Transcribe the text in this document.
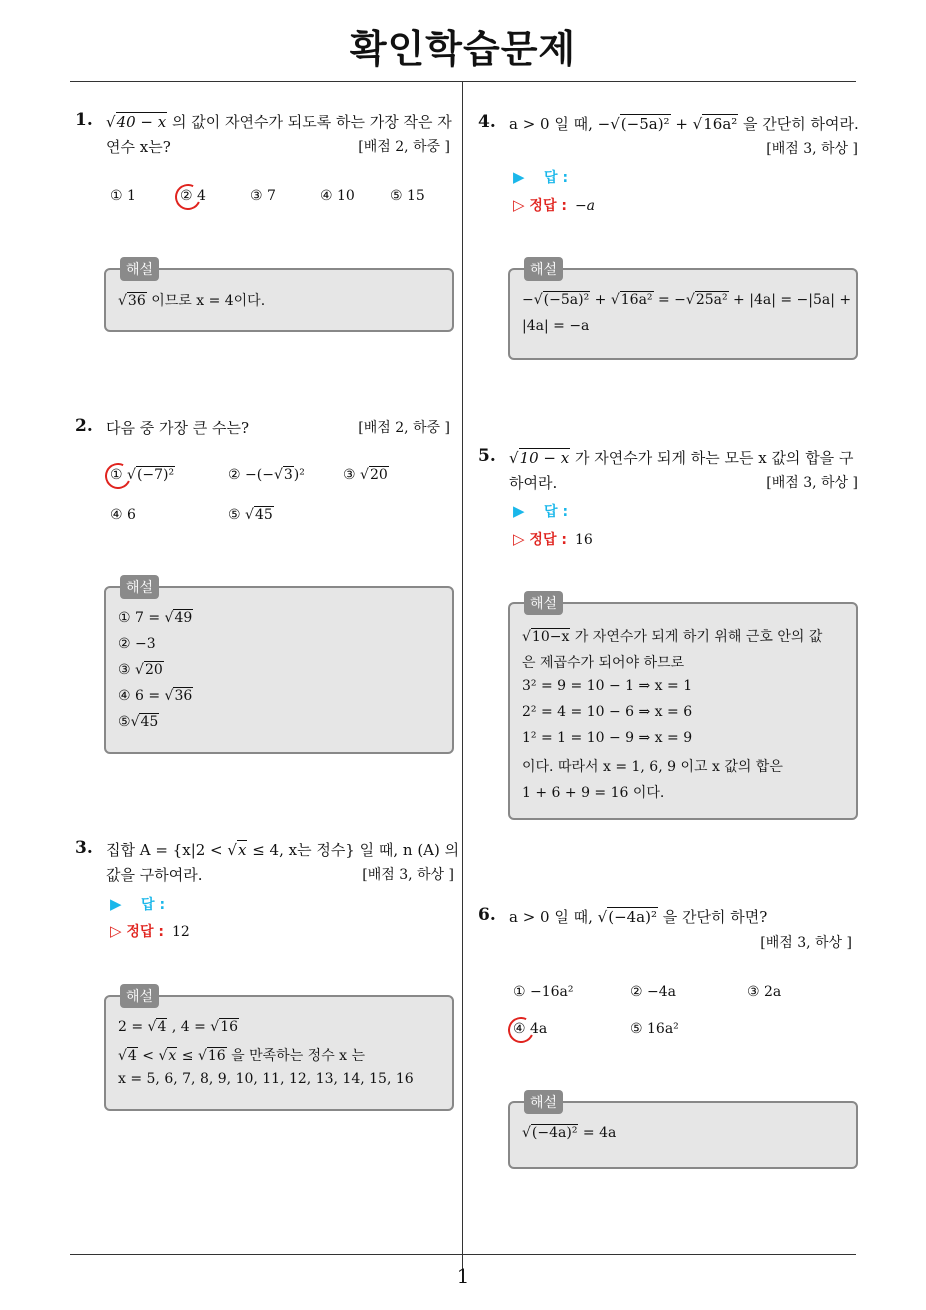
확인학습문제
1
1. √40 − x 의 값이 자연수가 되도록 하는 가장 작은 자
연수 x는?	[배점 2, 하중 ]
① 1	② 4	③ 7	④ 10	⑤ 15
해설
√36 이므로 x = 4이다.
2. 다음 중 가장 큰 수는?	[배점 2, 하중 ]
① √(−7)²	② −(−√3)²	③ √20
④ 6	⑤ √45
해설
① 7 = √49
② −3
③ √20
④ 6 = √36
⑤√45
3. 집합 A = {x|2 < √x ≤ 4, x는 정수} 일 때, n (A) 의
값을 구하여라.	[배점 3, 하상 ]
▶ 답 :
▷ 정답 : 12
해설
2 = √4 , 4 = √16
√4 < √x ≤ √16 을 만족하는 정수 x 는
x = 5, 6, 7, 8, 9, 10, 11, 12, 13, 14, 15, 16
4. a > 0 일 때, −√(−5a)² + √16a² 을 간단히 하여라.
[배점 3, 하상 ]
▶ 답 :
▷ 정답 : −a
해설
−√(−5a)² + √16a² = −√25a² + |4a| = −|5a| +
|4a| = −a
5. √10 − x 가 자연수가 되게 하는 모든 x 값의 합을 구
하여라.	[배점 3, 하상 ]
▶ 답 :
▷ 정답 : 16
해설
√10−x 가 자연수가 되게 하기 위해 근호 안의 값
은 제곱수가 되어야 하므로
3² = 9 = 10 − 1 ⇒ x = 1
2² = 4 = 10 − 6 ⇒ x = 6
1² = 1 = 10 − 9 ⇒ x = 9
이다. 따라서 x = 1, 6, 9 이고 x 값의 합은
1 + 6 + 9 = 16 이다.
6. a > 0 일 때, √(−4a)² 을 간단히 하면?
[배점 3, 하상 ]
① −16a²	② −4a	③ 2a
④ 4a	⑤ 16a²
해설
√(−4a)² = 4a
